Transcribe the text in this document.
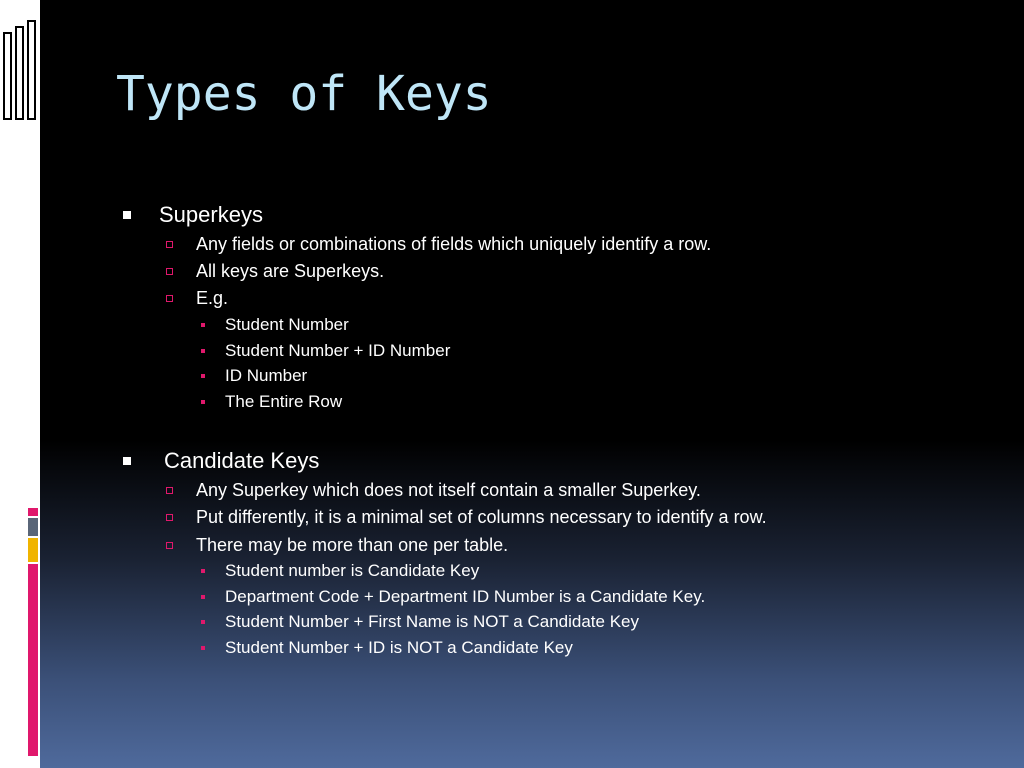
Types of Keys
Superkeys
Any fields or combinations of fields which uniquely identify a row.
All keys are Superkeys.
E.g.
Student Number
Student Number + ID Number
ID Number
The Entire Row
Candidate Keys
Any Superkey which does not itself contain a smaller Superkey.
Put differently, it is a minimal set of columns necessary to identify a row.
There may be more than one per table.
Student number is Candidate Key
Department Code + Department ID Number is a Candidate Key.
Student Number + First Name is NOT a Candidate Key
Student Number + ID is NOT a Candidate Key
